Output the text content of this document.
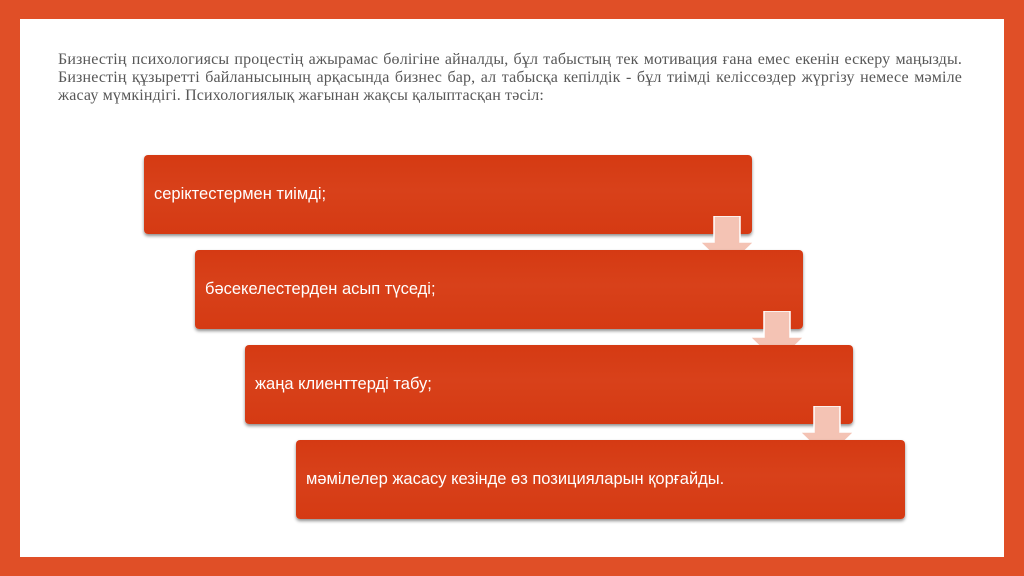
Бизнестің психологиясы процестің ажырамас бөлігіне айналды, бұл табыстың тек мотивация ғана емес екенін ескеру маңызды. Бизнестің құзыретті байланысының арқасында бизнес бар, ал табысқа кепілдік - бұл тиімді келіссөздер жүргізу немесе мәміле жасау мүмкіндігі. Психологиялық жағынан жақсы қалыптасқан тәсіл:

серіктестермен тиімді;
бәсекелестерден асып түседі;
жаңа клиенттерді табу;
мәмілелер жасасу кезінде өз позицияларын қорғайды.
